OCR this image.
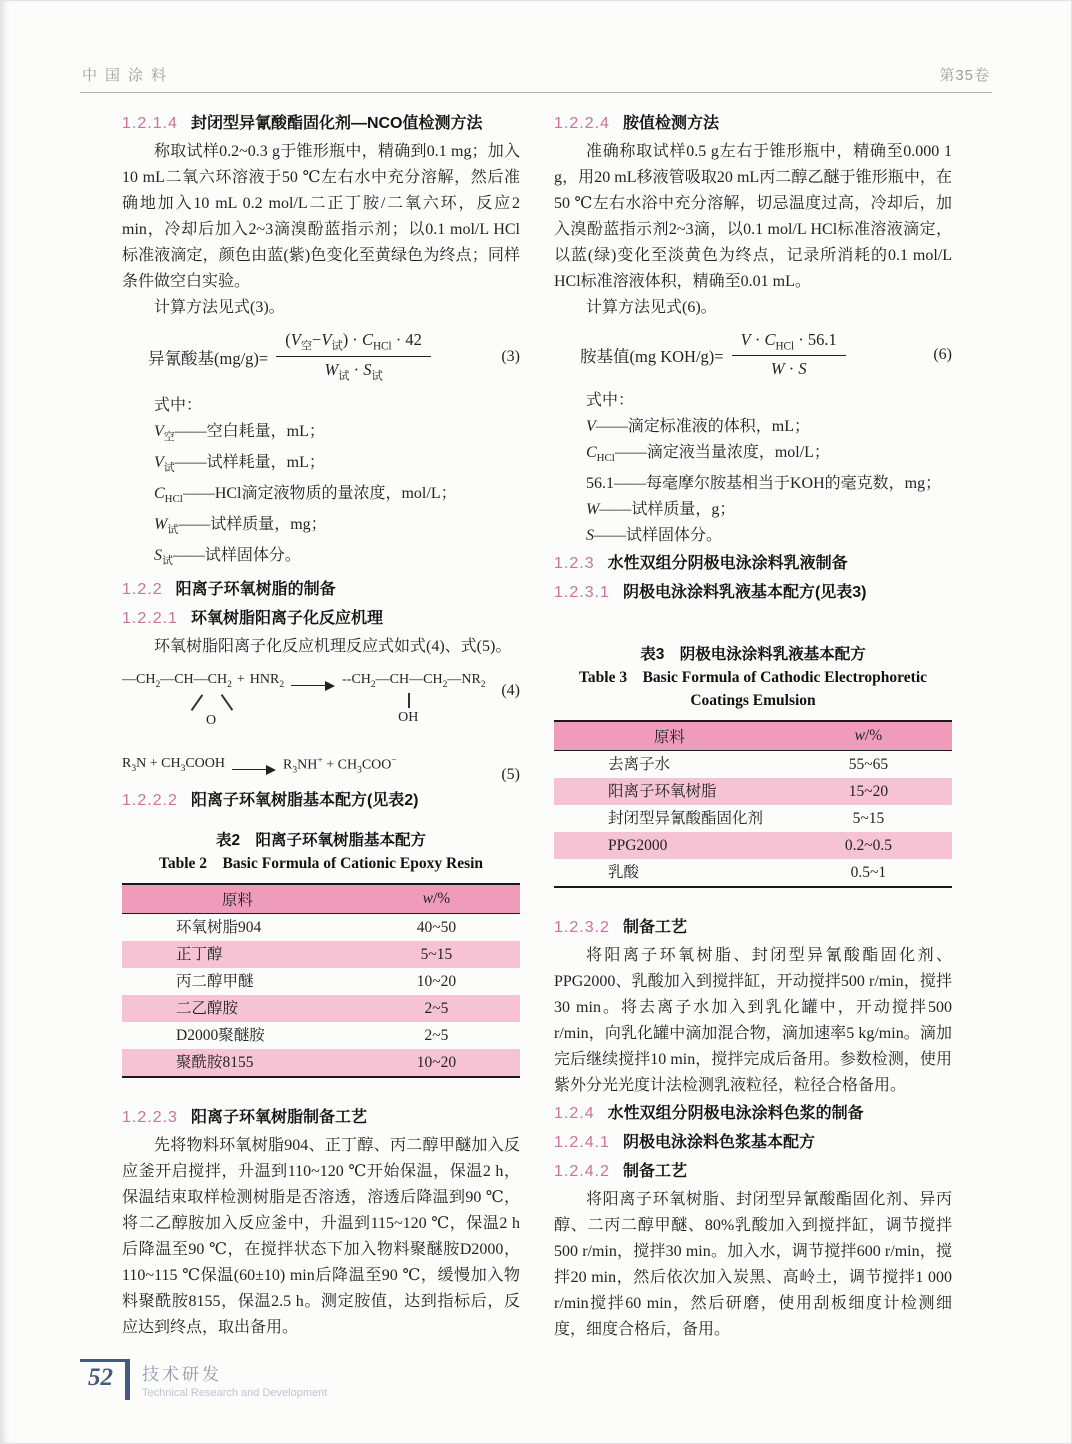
中国涂料	第35卷
1.2.1.4 封闭型异氰酸酯固化剂—NCO值检测方法

称取试样0.2~0.3 g于锥形瓶中，精确到0.1 mg；加入10 mL二氧六环溶液于50 ℃左右水中充分溶解，然后准确地加入10 mL 0.2 mol/L二正丁胺/二氧六环，反应2 min，冷却后加入2~3滴溴酚蓝指示剂；以0.1 mol/L HCl标准液滴定，颜色由蓝(紫)色变化至黄绿色为终点；同样条件做空白实验。

计算方法见式(3)。

异氰酸基$(mg/g)= \frac{(V_空-V_试) \cdot C_{HCl} \cdot 42}{W_试 \cdot S_试}$	(3)

式中：

$V_空——$空白耗量，mL；

$V_试——$试样耗量，mL；

$C_{HCl}——HCl$滴定液物质的量浓度，mol/L；

$W_试——$试样质量，mg；

$S_试——$试样固体分。

1.2.2 阳离子环氧树脂的制备
1.2.2.1 环氧树脂阳离子化反应机理

环氧树脂阳离子化反应机理反应式如式(4)、式(5)。

$—CH_2—CH—CH_2$
O
+ $HNR_2$	$--CH_2—CH—CH_2—NR_2$
OH
(4)
$R_3N$ + $CH_3COOH$	$R_3NH^+ + CH_3COO^-$
(5)
1.2.2.2 阳离子环氧树脂基本配方(见表2)
表2　阳离子环氧树脂基本配方
Table 2　Basic Formula of Cationic Epoxy Resin
原料	w/%
环氧树脂904	40~50
正丁醇	5~15
丙二醇甲醚	10~20
二乙醇胺	2~5
D2000聚醚胺	2~5
聚酰胺8155	10~20
1.2.2.3 阳离子环氧树脂制备工艺

先将物料环氧树脂904、正丁醇、丙二醇甲醚加入反应釜开启搅拌，升温到110~120 ℃开始保温，保温2 h，保温结束取样检测树脂是否溶透，溶透后降温到90 ℃，将二乙醇胺加入反应釜中，升温到115~120 ℃，保温2 h后降温至90 ℃，在搅拌状态下加入物料聚醚胺D2000，110~115 ℃保温(60±10) min后降温至90 ℃，缓慢加入物料聚酰胺8155，保温2.5 h。测定胺值，达到指标后，反应达到终点，取出备用。

1.2.2.4 胺值检测方法

准确称取试样0.5 g左右于锥形瓶中，精确至0.000 1 g，用20 mL移液管吸取20 mL丙二醇乙醚于锥形瓶中，在50 ℃左右水浴中充分溶解，切忌温度过高，冷却后，加入溴酚蓝指示剂2~3滴，以0.1 mol/L HCl标准溶液滴定，以蓝(绿)变化至淡黄色为终点，记录所消耗的0.1 mol/L HCl标准溶液体积，精确至0.01 mL。

计算方法见式(6)。

胺基值(mg $KOH/g)= \frac{V \cdot C_{HCl} \cdot 56.1}{W \cdot S}$	(6)

式中：

V——滴定标准液的体积，mL；

$C_{HCl}——$滴定液当量浓度，mol/L；

56.1——每毫摩尔胺基相当于KOH的毫克数，mg；

W——试样质量，g；

S——试样固体分。

1.2.3 水性双组分阴极电泳涂料乳液制备
1.2.3.1 阴极电泳涂料乳液基本配方(见表3)
表3　阴极电泳涂料乳液基本配方
Table 3　Basic Formula of Cathodic Electrophoretic
Coatings Emulsion
原料	w/%
去离子水	55~65
阳离子环氧树脂	15~20
封闭型异氰酸酯固化剂	5~15
PPG2000	0.2~0.5
乳酸	0.5~1
1.2.3.2 制备工艺

将阳离子环氧树脂、封闭型异氰酸酯固化剂、PPG2000、乳酸加入到搅拌缸，开动搅拌500 r/min，搅拌30 min。将去离子水加入到乳化罐中，开动搅拌500 r/min，向乳化罐中滴加混合物，滴加速率5 kg/min。滴加完后继续搅拌10 min，搅拌完成后备用。参数检测，使用紫外分光光度计法检测乳液粒径，粒径合格备用。

1.2.4 水性双组分阴极电泳涂料色浆的制备
1.2.4.1 阴极电泳涂料色浆基本配方
1.2.4.2 制备工艺

将阳离子环氧树脂、封闭型异氰酸酯固化剂、异丙醇、二丙二醇甲醚、80%乳酸加入到搅拌缸，调节搅拌500 r/min，搅拌30 min。加入水，调节搅拌600 r/min，搅拌20 min，然后依次加入炭黑、高岭土，调节搅拌1 000 r/min搅拌60 min，然后研磨，使用刮板细度计检测细度，细度合格后，备用。

52	技术研发
Technical Research and Development
